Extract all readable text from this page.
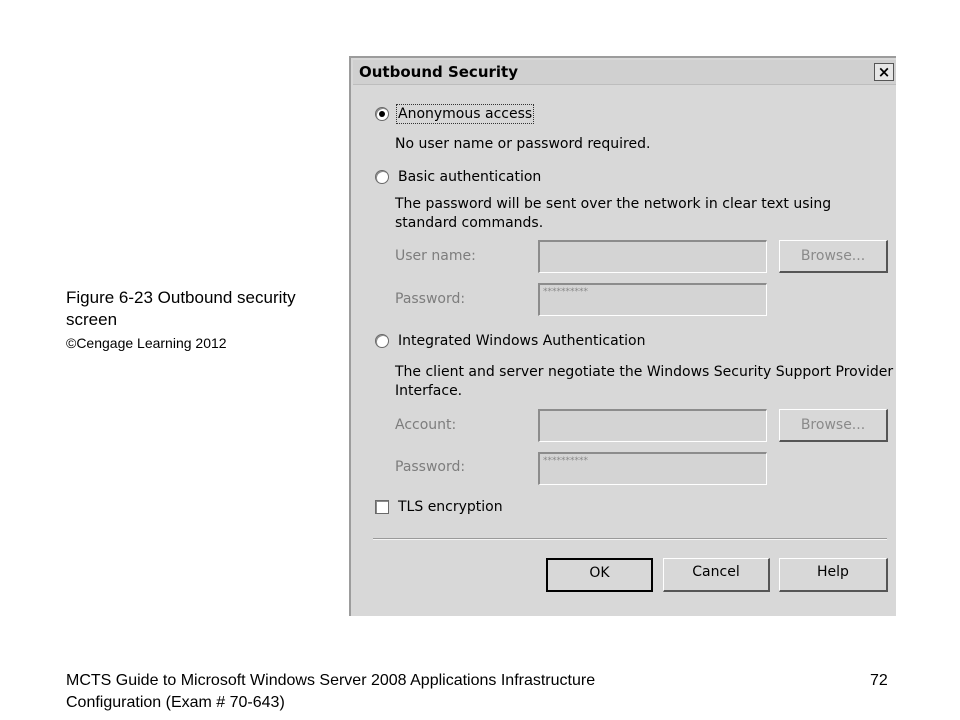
Figure 6-23 Outbound security screen
©Cengage Learning 2012
Outbound Security	×
Anonymous access
No user name or password required.
Basic authentication
The password will be sent over the network in clear text using standard commands.
User name:	Browse...
Password:	**********
Integrated Windows Authentication
The client and server negotiate the Windows Security Support Provider Interface.
Account:	Browse...
Password:	**********
TLS encryption
OK	Cancel	Help
MCTS Guide to Microsoft Windows Server 2008 Applications Infrastructure Configuration (Exam # 70-643)
72
